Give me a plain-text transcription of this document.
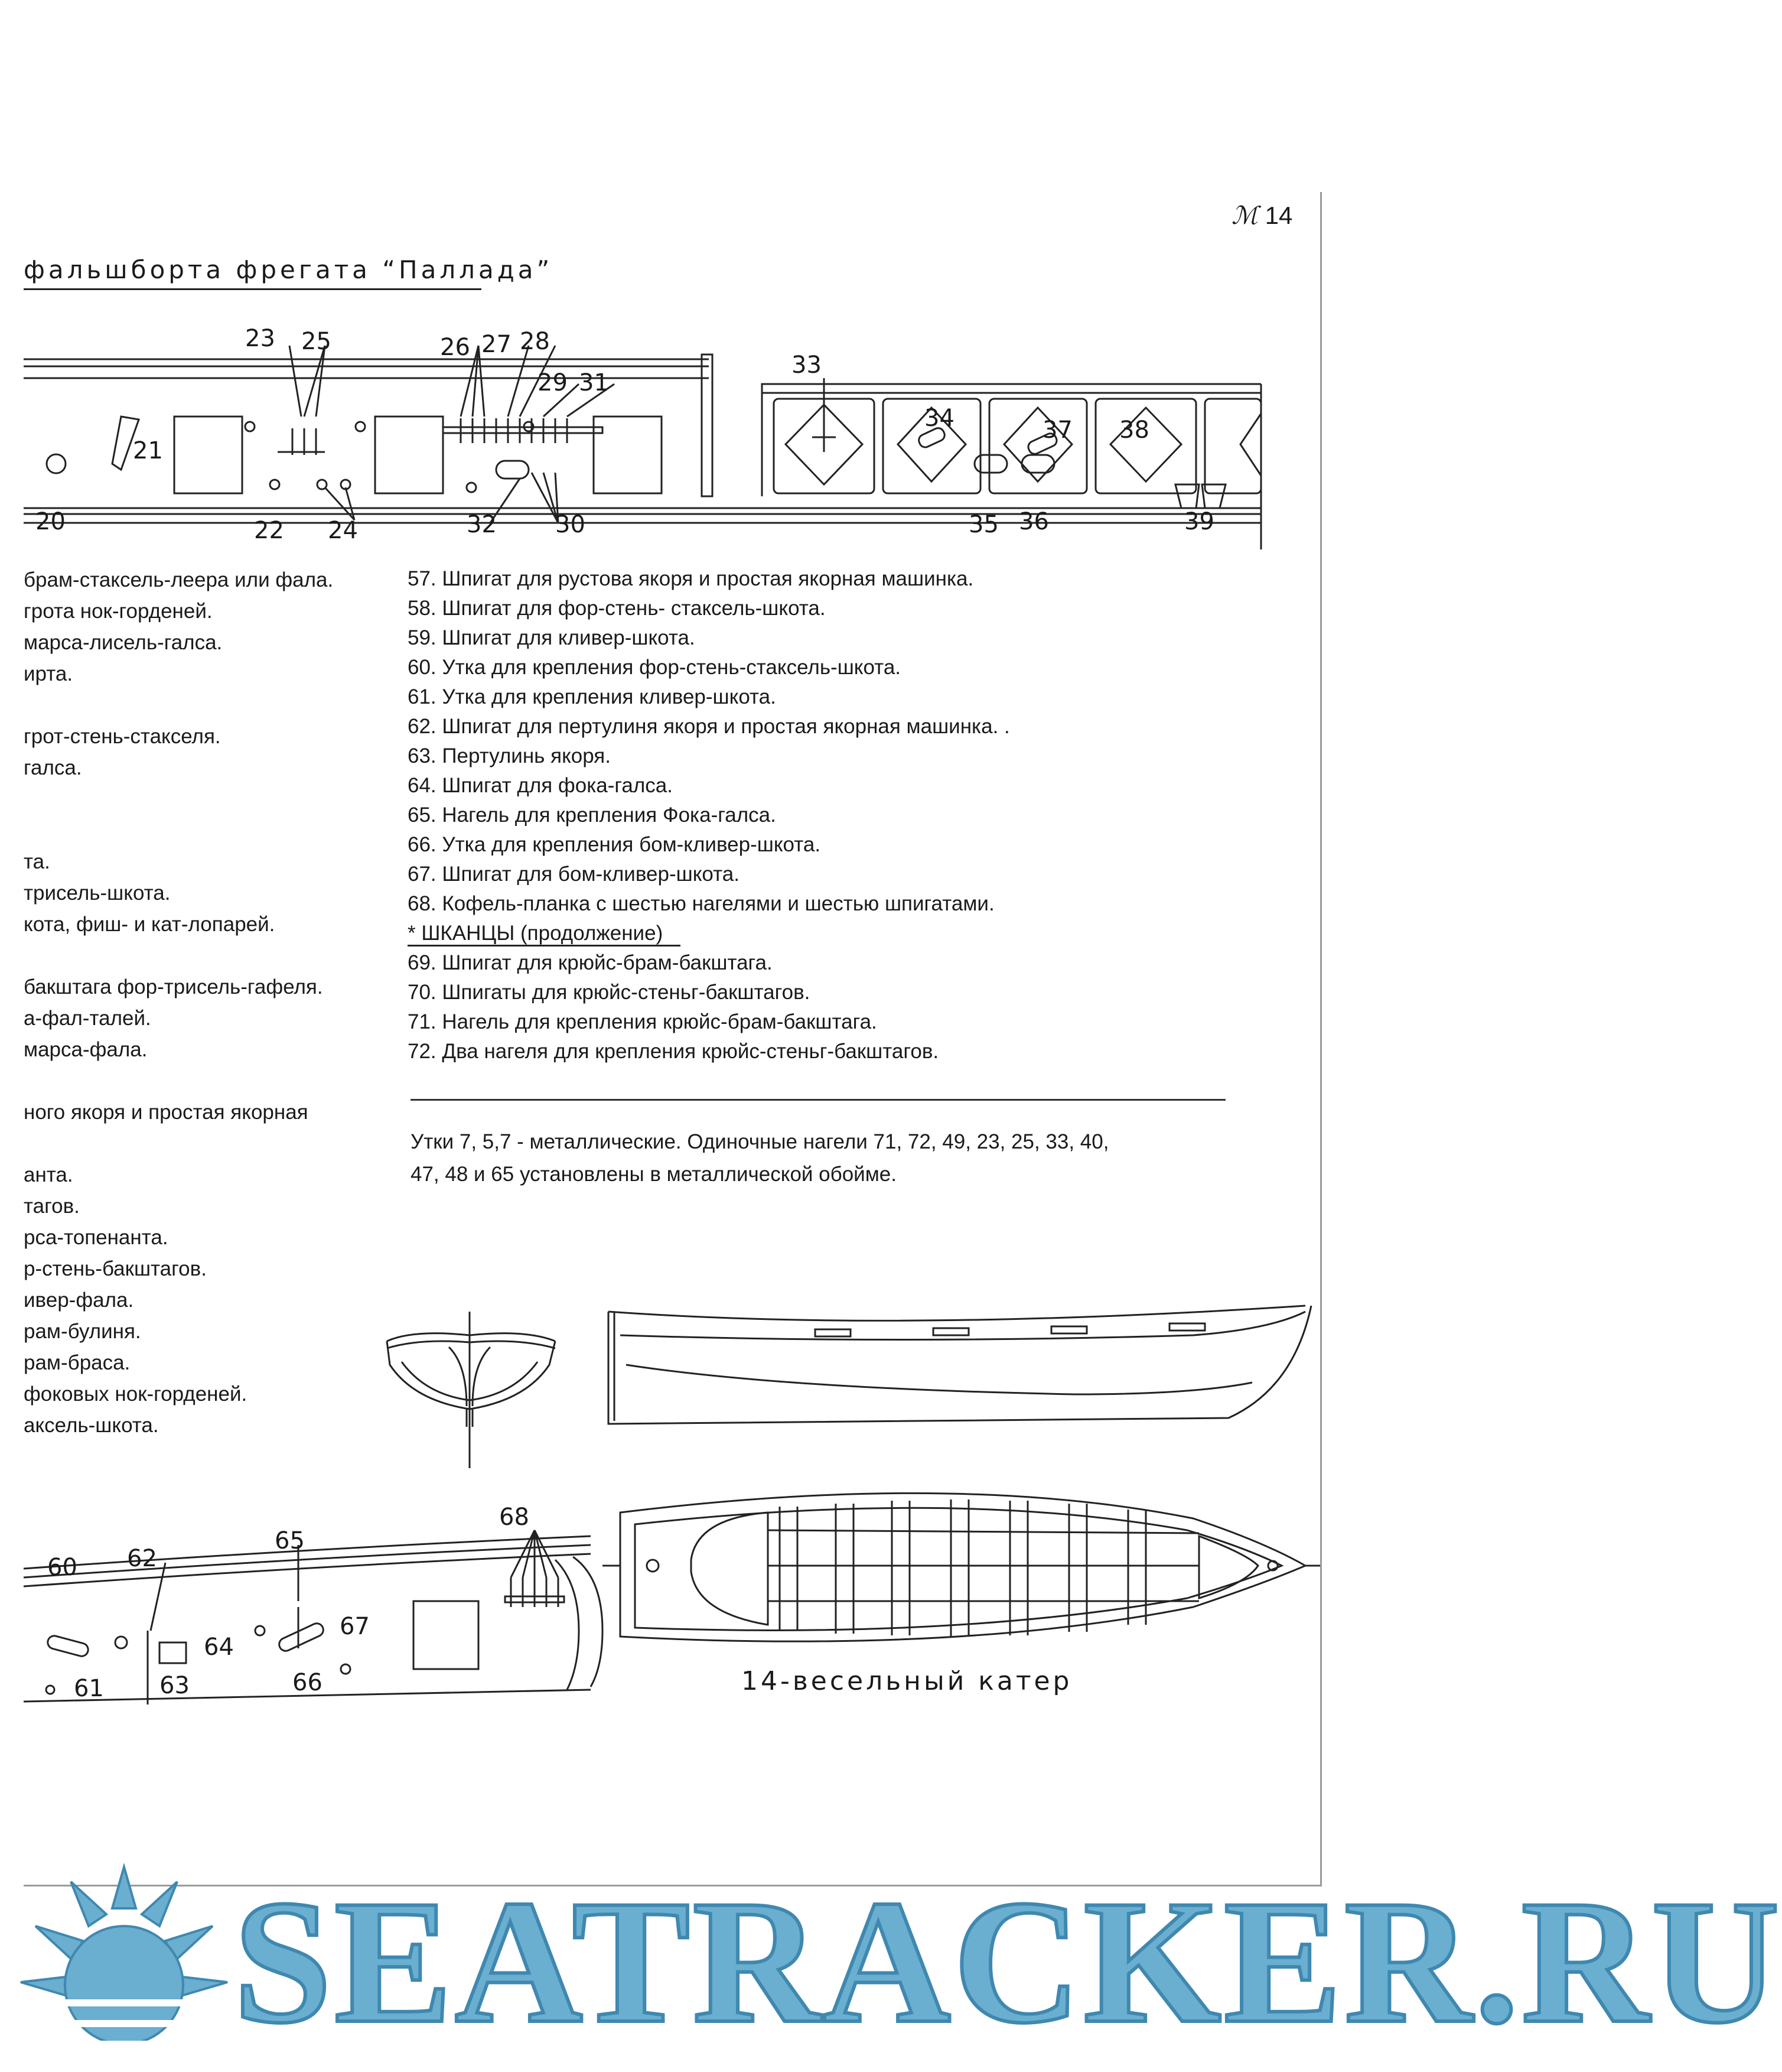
ℳ 14
фальшборта фрегата “Паллада”
20
21
22
23
24
25	26 27 28
29 31
30
32
33
34
35 36
37 38
39
брам-стаксель-леера или фала.
грота нок-горденей.
марса-лисель-галса.
ирта.
грот-стень-стакселя.
галса.
та.
трисель-шкота.
кота, фиш- и кат-лопарей.
бакштага фор-трисель-гафеля.
а-фал-талей.
марса-фала.
ного якоря и простая якорная
анта.
тагов.
рса-топенанта.
р-стень-бакштагов.
ивер-фала.
рам-булиня.
рам-браса.
фоковых нок-горденей.
аксель-шкота.
57. Шпигат для рустова якоря и простая якорная машинка.
58. Шпигат для фор-стень- стаксель-шкота.
59. Шпигат для кливер-шкота.
60. Утка для крепления фор-стень-стаксель-шкота.
61. Утка для крепления кливер-шкота.
62. Шпигат для пертулиня якоря и простая якорная машинка. .
63. Пертулинь якоря.
64. Шпигат для фока-галса.
65. Нагель для крепления Фока-галса.
66. Утка для крепления бом-кливер-шкота.
67. Шпигат для бом-кливер-шкота.
68. Кофель-планка с шестью нагелями и шестью шпигатами.
* ШКАНЦЫ (продолжение)
69. Шпигат для крюйс-брам-бакштага.
70. Шпигаты для крюйс-стеньг-бакштагов.
71. Нагель для крепления крюйс-брам-бакштага.
72. Два нагеля для крепления крюйс-стеньг-бакштагов.
Утки 7, 5,7 - металлические. Одиночные нагели 71, 72, 49, 23, 25, 33, 40,
47, 48 и 65 установлены в металлической обойме.
14-весельный катер
60
61
62
63
64
65
66
67
68
SEATRACKER.RU
